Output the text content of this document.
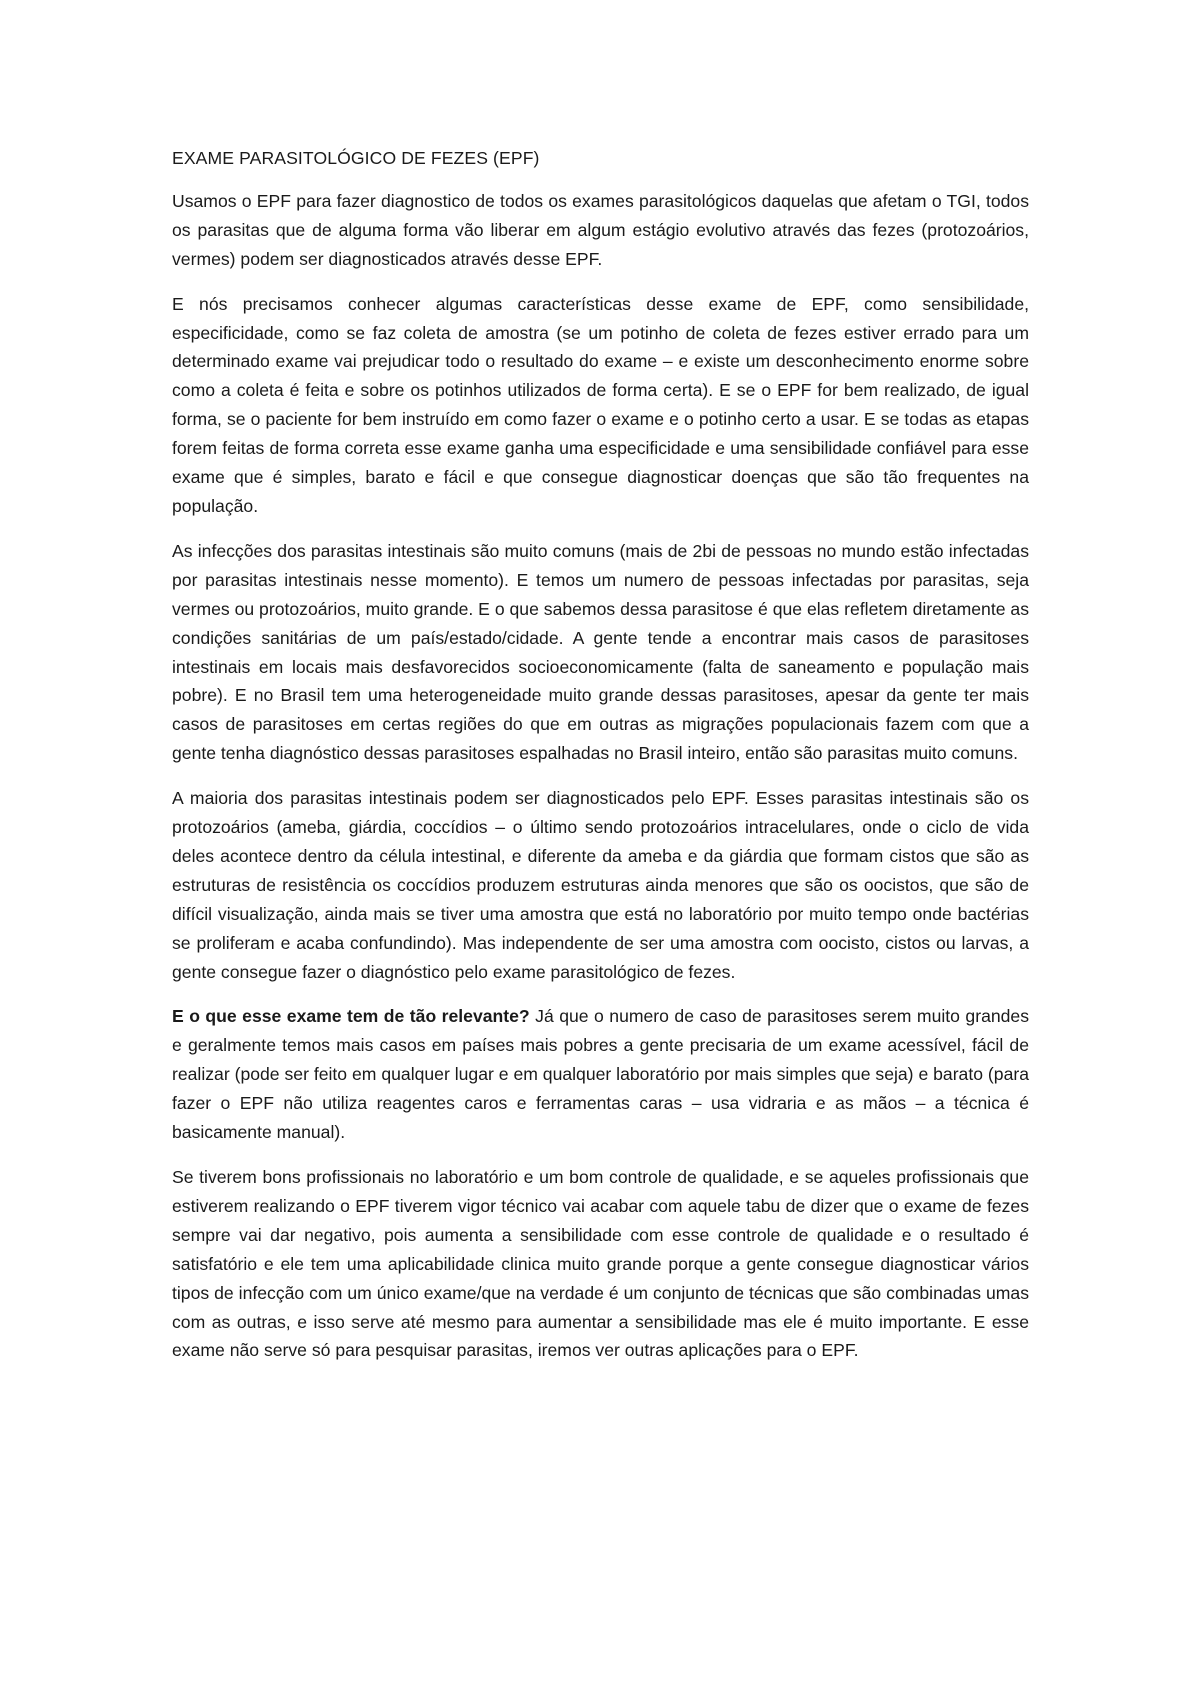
EXAME PARASITOLÓGICO DE FEZES (EPF)

Usamos o EPF para fazer diagnostico de todos os exames parasitológicos daquelas que afetam o TGI, todos os parasitas que de alguma forma vão liberar em algum estágio evolutivo através das fezes (protozoários, vermes) podem ser diagnosticados através desse EPF.

E nós precisamos conhecer algumas características desse exame de EPF, como sensibilidade, especificidade, como se faz coleta de amostra (se um potinho de coleta de fezes estiver errado para um determinado exame vai prejudicar todo o resultado do exame – e existe um desconhecimento enorme sobre como a coleta é feita e sobre os potinhos utilizados de forma certa). E se o EPF for bem realizado, de igual forma, se o paciente for bem instruído em como fazer o exame e o potinho certo a usar. E se todas as etapas forem feitas de forma correta esse exame ganha uma especificidade e uma sensibilidade confiável para esse exame que é simples, barato e fácil e que consegue diagnosticar doenças que são tão frequentes na população.

As infecções dos parasitas intestinais são muito comuns (mais de 2bi de pessoas no mundo estão infectadas por parasitas intestinais nesse momento). E temos um numero de pessoas infectadas por parasitas, seja vermes ou protozoários, muito grande. E o que sabemos dessa parasitose é que elas refletem diretamente as condições sanitárias de um país/estado/cidade. A gente tende a encontrar mais casos de parasitoses intestinais em locais mais desfavorecidos socioeconomicamente (falta de saneamento e população mais pobre). E no Brasil tem uma heterogeneidade muito grande dessas parasitoses, apesar da gente ter mais casos de parasitoses em certas regiões do que em outras as migrações populacionais fazem com que a gente tenha diagnóstico dessas parasitoses espalhadas no Brasil inteiro, então são parasitas muito comuns.

A maioria dos parasitas intestinais podem ser diagnosticados pelo EPF. Esses parasitas intestinais são os protozoários (ameba, giárdia, coccídios – o último sendo protozoários intracelulares, onde o ciclo de vida deles acontece dentro da célula intestinal, e diferente da ameba e da giárdia que formam cistos que são as estruturas de resistência os coccídios produzem estruturas ainda menores que são os oocistos, que são de difícil visualização, ainda mais se tiver uma amostra que está no laboratório por muito tempo onde bactérias se proliferam e acaba confundindo). Mas independente de ser uma amostra com oocisto, cistos ou larvas, a gente consegue fazer o diagnóstico pelo exame parasitológico de fezes.

E o que esse exame tem de tão relevante? Já que o numero de caso de parasitoses serem muito grandes e geralmente temos mais casos em países mais pobres a gente precisaria de um exame acessível, fácil de realizar (pode ser feito em qualquer lugar e em qualquer laboratório por mais simples que seja) e barato (para fazer o EPF não utiliza reagentes caros e ferramentas caras – usa vidraria e as mãos – a técnica é basicamente manual).

Se tiverem bons profissionais no laboratório e um bom controle de qualidade, e se aqueles profissionais que estiverem realizando o EPF tiverem vigor técnico vai acabar com aquele tabu de dizer que o exame de fezes sempre vai dar negativo, pois aumenta a sensibilidade com esse controle de qualidade e o resultado é satisfatório e ele tem uma aplicabilidade clinica muito grande porque a gente consegue diagnosticar vários tipos de infecção com um único exame/que na verdade é um conjunto de técnicas que são combinadas umas com as outras, e isso serve até mesmo para aumentar a sensibilidade mas ele é muito importante. E esse exame não serve só para pesquisar parasitas, iremos ver outras aplicações para o EPF.
